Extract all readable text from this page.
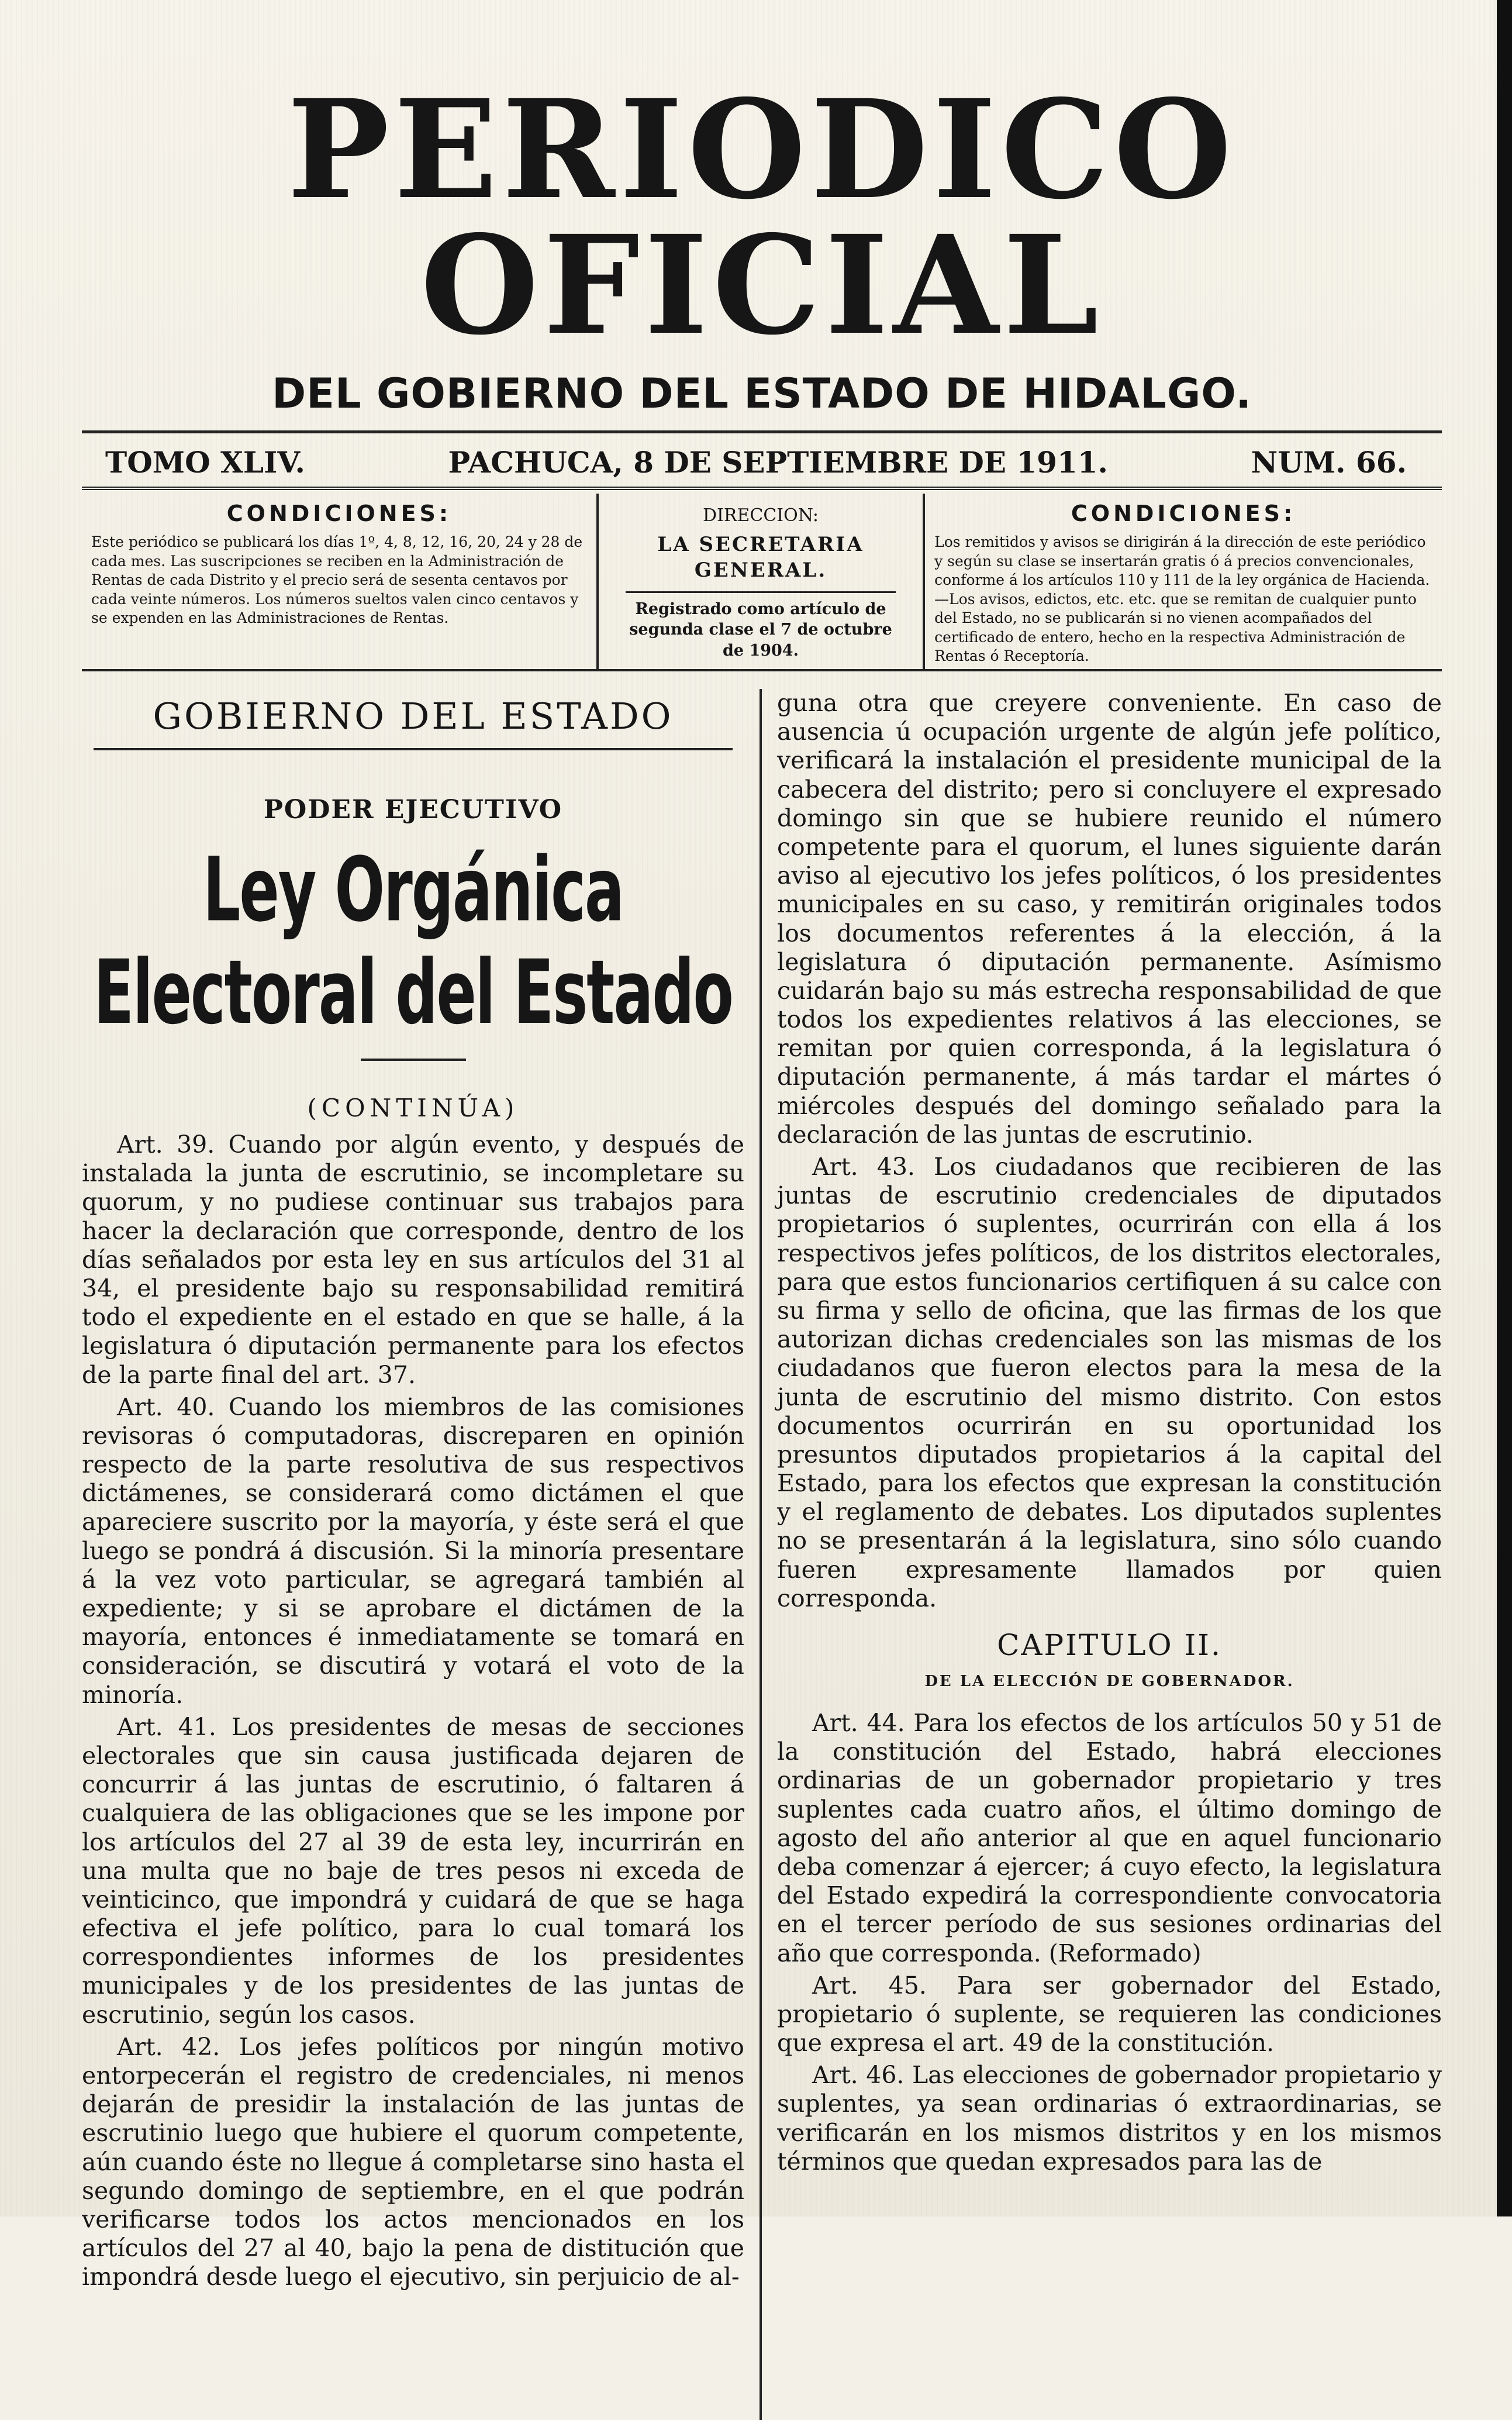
PERIODICO OFICIAL
DEL GOBIERNO DEL ESTADO DE HIDALGO.
TOMO XLIV.	PACHUCA, 8 DE SEPTIEMBRE DE 1911.	NUM. 66.
CONDICIONES:
Este periódico se publicará los días 1º, 4, 8, 12, 16, 20, 24 y 28 de cada mes. Las suscripciones se reciben en la Administración de Rentas de cada Distrito y el precio será de sesenta centavos por cada veinte números. Los números sueltos valen cinco centavos y se expenden en las Administraciones de Rentas.
DIRECCION:
LA SECRETARIA GENERAL.
Registrado como artículo de segunda clase el 7 de octubre de 1904.
CONDICIONES:
Los remitidos y avisos se dirigirán á la dirección de este periódico y según su clase se insertarán gratis ó á precios convencionales, conforme á los artículos 110 y 111 de la ley orgánica de Hacienda.—Los avisos, edictos, etc. etc. que se remitan de cualquier punto del Estado, no se publicarán si no vienen acompañados del certificado de entero, hecho en la respectiva Administración de Rentas ó Receptoría.
GOBIERNO DEL ESTADO
PODER EJECUTIVO
Ley Orgánica Electoral del Estado
(CONTINÚA)

Art. 39. Cuando por algún evento, y después de instalada la junta de escrutinio, se incompletare su quorum, y no pudiese continuar sus trabajos para hacer la declaración que corresponde, dentro de los días señalados por esta ley en sus artículos del 31 al 34, el presidente bajo su responsabilidad remitirá todo el expediente en el estado en que se halle, á la legislatura ó diputación permanente para los efectos de la parte final del art. 37.

Art. 40. Cuando los miembros de las comisiones revisoras ó computadoras, discreparen en opinión respecto de la parte resolutiva de sus respectivos dictámenes, se considerará como dictámen el que apareciere suscrito por la mayoría, y éste será el que luego se pondrá á discusión. Si la minoría presentare á la vez voto particular, se agregará también al expediente; y si se aprobare el dictámen de la mayoría, entonces é inmediatamente se tomará en consideración, se discutirá y votará el voto de la minoría.

Art. 41. Los presidentes de mesas de secciones electorales que sin causa justificada dejaren de concurrir á las juntas de escrutinio, ó faltaren á cualquiera de las obligaciones que se les impone por los artículos del 27 al 39 de esta ley, incurrirán en una multa que no baje de tres pesos ni exceda de veinticinco, que impondrá y cuidará de que se haga efectiva el jefe político, para lo cual tomará los correspondientes informes de los presidentes municipales y de los presidentes de las juntas de escrutinio, según los casos.

Art. 42. Los jefes políticos por ningún motivo entorpecerán el registro de credenciales, ni menos dejarán de presidir la instalación de las juntas de escrutinio luego que hubiere el quorum competente, aún cuando éste no llegue á completarse sino hasta el segundo domingo de septiembre, en el que podrán verificarse todos los actos mencionados en los artículos del 27 al 40, bajo la pena de distitución que impondrá desde luego el ejecutivo, sin perjuicio de al-

guna otra que creyere conveniente. En caso de ausencia ú ocupación urgente de algún jefe político, verificará la instalación el presidente municipal de la cabecera del distrito; pero si concluyere el expresado domingo sin que se hubiere reunido el número competente para el quorum, el lunes siguiente darán aviso al ejecutivo los jefes políticos, ó los presidentes municipales en su caso, y remitirán originales todos los documentos referentes á la elección, á la legislatura ó diputación permanente. Asímismo cuidarán bajo su más estrecha responsabilidad de que todos los expedientes relativos á las elecciones, se remitan por quien corresponda, á la legislatura ó diputación permanente, á más tardar el mártes ó miércoles después del domingo señalado para la declaración de las juntas de escrutinio.

Art. 43. Los ciudadanos que recibieren de las juntas de escrutinio credenciales de diputados propietarios ó suplentes, ocurrirán con ella á los respectivos jefes políticos, de los distritos electorales, para que estos funcionarios certifiquen á su calce con su firma y sello de oficina, que las firmas de los que autorizan dichas credenciales son las mismas de los ciudadanos que fueron electos para la mesa de la junta de escrutinio del mismo distrito. Con estos documentos ocurrirán en su oportunidad los presuntos diputados propietarios á la capital del Estado, para los efectos que expresan la constitución y el reglamento de debates. Los diputados suplentes no se presentarán á la legislatura, sino sólo cuando fueren expresamente llamados por quien corresponda.

CAPITULO II.
DE LA ELECCIÓN DE GOBERNADOR.

Art. 44. Para los efectos de los artículos 50 y 51 de la constitución del Estado, habrá elecciones ordinarias de un gobernador propietario y tres suplentes cada cuatro años, el último domingo de agosto del año anterior al que en aquel funcionario deba comenzar á ejercer; á cuyo efecto, la legislatura del Estado expedirá la correspondiente convocatoria en el tercer período de sus sesiones ordinarias del año que corresponda. (Reformado)

Art. 45. Para ser gobernador del Estado, propietario ó suplente, se requieren las condiciones que expresa el art. 49 de la constitución.

Art. 46. Las elecciones de gobernador propietario y suplentes, ya sean ordinarias ó extraordinarias, se verificarán en los mismos distritos y en los mismos términos que quedan expresados para las de
